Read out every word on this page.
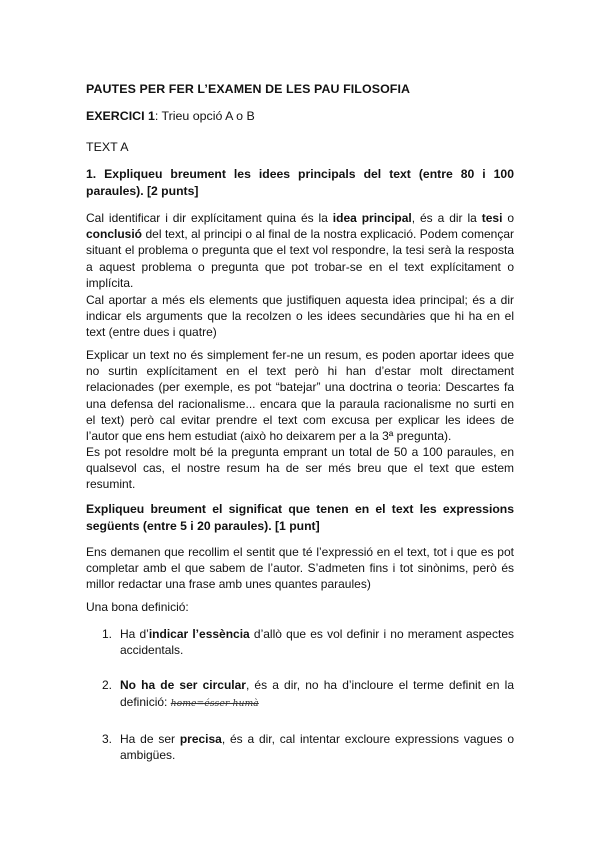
PAUTES PER FER L’EXAMEN DE LES PAU FILOSOFIA

EXERCICI 1: Trieu opció A o B

TEXT A

1. Expliqueu breument les idees principals del text (entre 80 i 100 paraules). [2 punts]

Cal identificar i dir explícitament quina és la idea principal, és a dir la tesi o conclusió del text, al principi o al final de la nostra explicació. Podem començar situant el problema o pregunta que el text vol respondre, la tesi serà la resposta a aquest problema o pregunta que pot trobar-se en el text explícitament o implícita.

Cal aportar a més els elements que justifiquen aquesta idea principal; és a dir indicar els arguments que la recolzen o les idees secundàries que hi ha en el text (entre dues i quatre)

Explicar un text no és simplement fer-ne un resum, es poden aportar idees que no surtin explícitament en el text però hi han d’estar molt directament relacionades (per exemple, es pot “batejar” una doctrina o teoria: Descartes fa una defensa del racionalisme... encara que la paraula racionalisme no surti en el text) però cal evitar prendre el text com excusa per explicar les idees de l’autor que ens hem estudiat (això ho deixarem per a la 3ª pregunta).

Es pot resoldre molt bé la pregunta emprant un total de 50 a 100 paraules, en qualsevol cas, el nostre resum ha de ser més breu que el text que estem resumint.

Expliqueu breument el significat que tenen en el text les expressions següents (entre 5 i 20 paraules). [1 punt]

Ens demanen que recollim el sentit que té l’expressió en el text, tot i que es pot completar amb el que sabem de l’autor. S’admeten fins i tot sinònims, però és millor redactar una frase amb unes quantes paraules)

Una bona definició:

1. Ha d’indicar l’essència d’allò que es vol definir i no merament aspectes accidentals.
2. No ha de ser circular, és a dir, no ha d’incloure el terme definit en la definició: home=ésser humà
3. Ha de ser precisa, és a dir, cal intentar excloure expressions vagues o ambigües.
